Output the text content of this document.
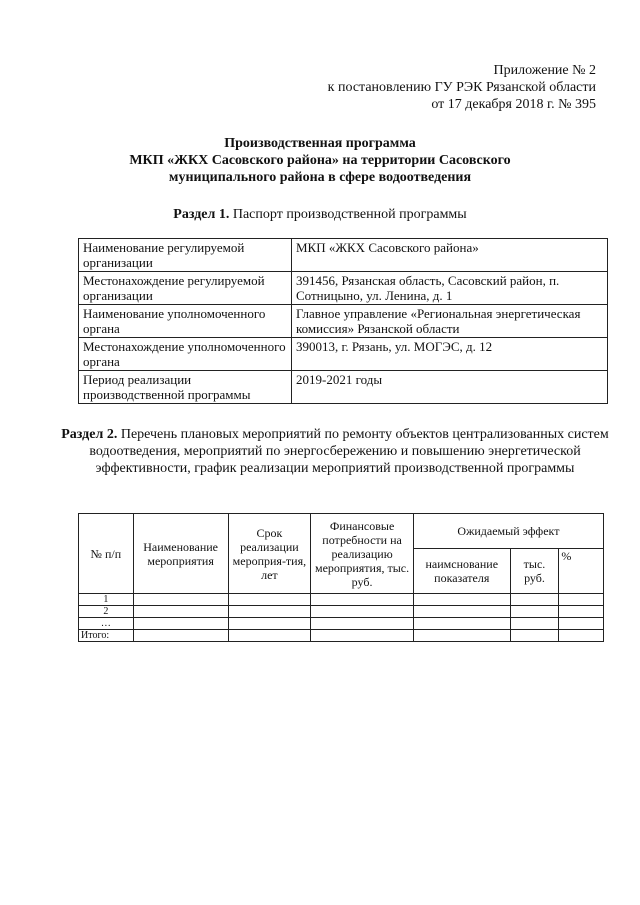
Приложение № 2
к постановлению ГУ РЭК Рязанской области
от 17 декабря 2018 г. № 395
Производственная программа
МКП «ЖКХ Сасовского района» на территории Сасовского
муниципального района в сфере водоотведения
Раздел 1. Паспорт производственной программы
Наименование регулируемой организации	МКП «ЖКХ Сасовского района»
Местонахождение регулируемой организации	391456, Рязанская область, Сасовский район, п. Сотницыно, ул. Ленина, д. 1
Наименование уполномоченного органа	Главное управление «Региональная энергетическая комиссия» Рязанской области
Местонахождение уполномоченного органа	390013, г. Рязань, ул. МОГЭС, д. 12
Период реализации производственной программы	2019-2021 годы
Раздел 2. Перечень плановых мероприятий по ремонту объектов централизованных систем водоотведения, мероприятий по энергосбережению и повышению энергетической эффективности, график реализации мероприятий производственной программы
№ п/п	Наименование мероприятия	Срок реализации мероприя-тия, лет	Финансовые потребности на реализацию мероприятия, тыс. руб.	Ожидаемый эффект		
				наимснование показателя	тыс. руб.	%
1						
2						
…						
Итого:						
